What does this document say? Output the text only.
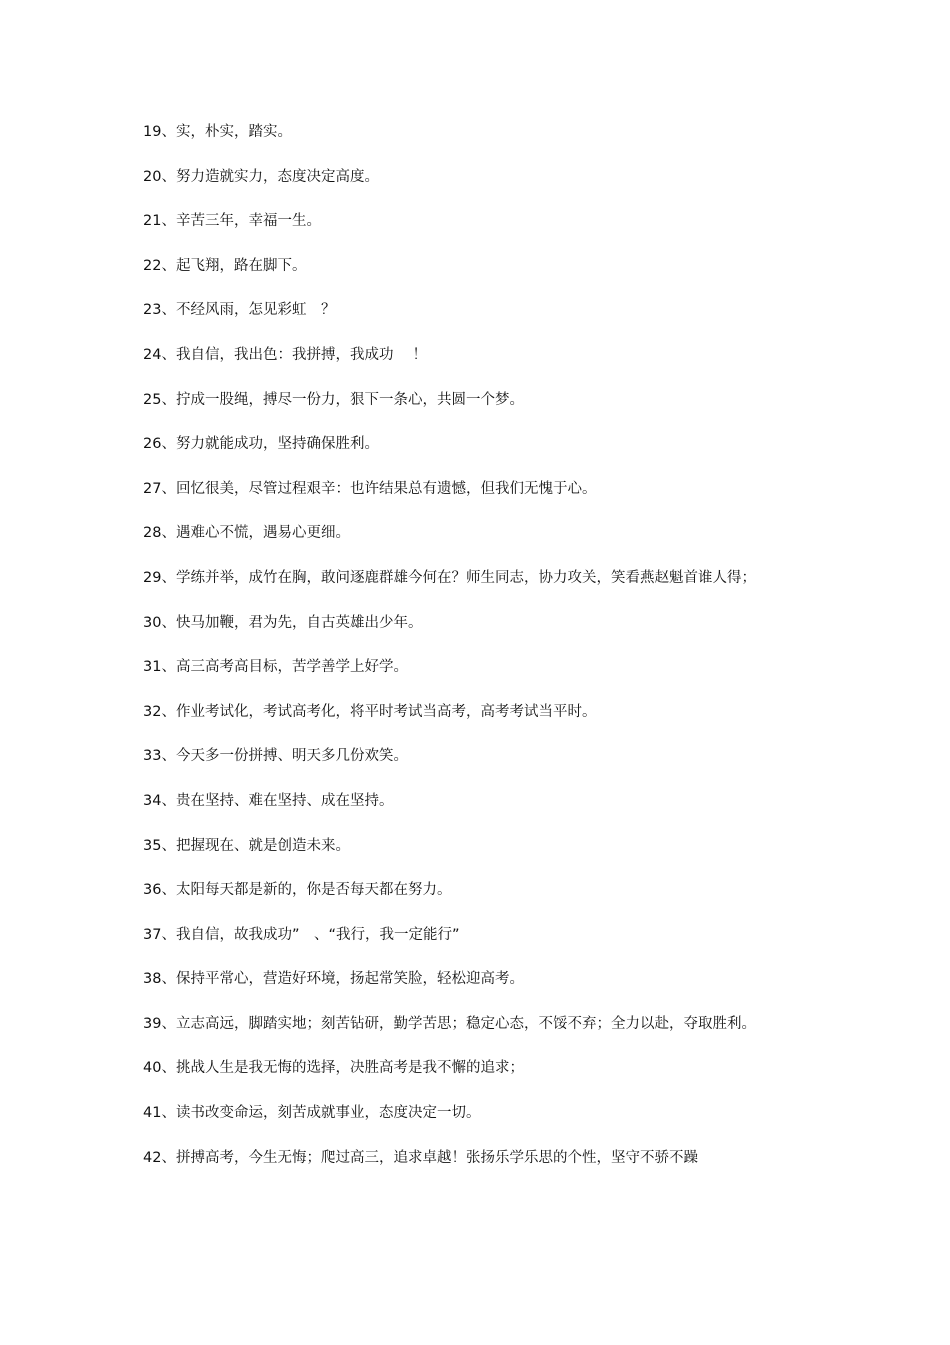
19、实，朴实，踏实。
20、努力造就实力，态度决定高度。
21、辛苦三年，幸福一生。
22、起飞翔，路在脚下。
23、不经风雨，怎见彩虹　？
24、我自信，我出色：我拼搏，我成功　 ！
25、拧成一股绳，搏尽一份力，狠下一条心，共圆一个梦。
26、努力就能成功，坚持确保胜利。
27、回忆很美，尽管过程艰辛：也许结果总有遗憾，但我们无愧于心。
28、遇难心不慌，遇易心更细。
29、学练并举，成竹在胸，敢问逐鹿群雄今何在？师生同志，协力攻关，笑看燕赵魁首谁人得；
30、快马加鞭，君为先，自古英雄出少年。
31、高三高考高目标，苦学善学上好学。
32、作业考试化，考试高考化，将平时考试当高考，高考考试当平时。
33、今天多一份拼搏、明天多几份欢笑。
34、贵在坚持、难在坚持、成在坚持。
35、把握现在、就是创造未来。
36、太阳每天都是新的，你是否每天都在努力。
37、我自信，故我成功”　、“我行，我一定能行”
38、保持平常心，营造好环境，扬起常笑脸，轻松迎高考。
39、立志高远，脚踏实地；刻苦钻研，勤学苦思；稳定心态，不馁不弃；全力以赴，夺取胜利。
40、挑战人生是我无悔的选择，决胜高考是我不懈的追求；
41、读书改变命运，刻苦成就事业，态度决定一切。
42、拼搏高考，今生无悔；爬过高三，追求卓越！张扬乐学乐思的个性，坚守不骄不躁
